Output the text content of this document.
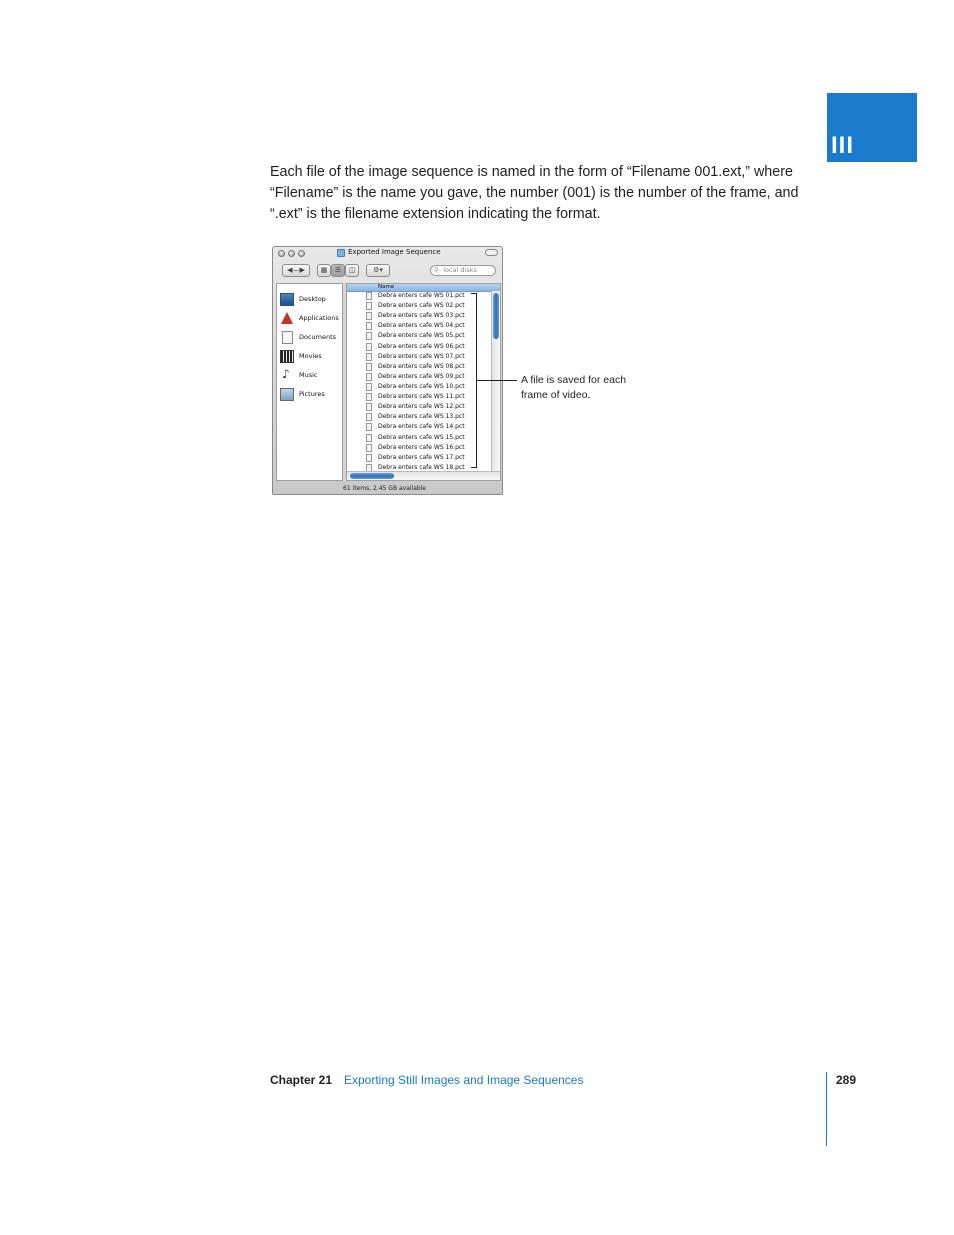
III

Each file of the image sequence is named in the form of “Filename 001.ext,” where

“Filename” is the name you gave, the number (001) is the number of the frame, and

“.ext” is the filename extension indicating the format.

Exported Image Sequence
◀—▶	▦	☰	◫	⚙▾	⚲- local disks
Desktop
Applications
Documents
Movies
♪
Music
Pictures
Name
Debra enters cafe WS 01.pct
Debra enters cafe WS 02.pct
Debra enters cafe WS 03.pct
Debra enters cafe WS 04.pct
Debra enters cafe WS 05.pct
Debra enters cafe WS 06.pct
Debra enters cafe WS 07.pct
Debra enters cafe WS 08.pct
Debra enters cafe WS 09.pct
Debra enters cafe WS 10.pct
Debra enters cafe WS 11.pct
Debra enters cafe WS 12.pct
Debra enters cafe WS 13.pct
Debra enters cafe WS 14.pct
Debra enters cafe WS 15.pct
Debra enters cafe WS 16.pct
Debra enters cafe WS 17.pct
Debra enters cafe WS 18.pct
61 items, 2.45 GB available
A file is saved for each
frame of video.
Chapter 21 Exporting Still Images and Image Sequences	289
